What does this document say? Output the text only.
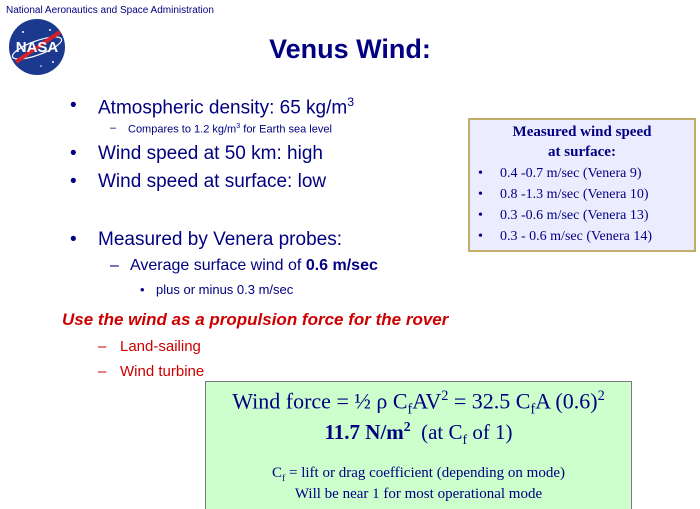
National Aeronautics and Space Administration
NASA	Venus Wind:
• Atmospheric density: 65 $kg/m^3$
– Compares to 1.2 $kg/m^3$ for Earth sea level
• Wind speed at 50 km: high
• Wind speed at surface: low
• Measured by Venera probes:
– Average surface wind of 0.6 m/sec
• plus or minus 0.3 m/sec
Use the wind as a propulsion force for the rover
– Land-sailing
– Wind turbine
Measured wind speed
at surface:
• 0.4 -0.7 m/sec (Venera 9)
• 0.8 -1.3 m/sec (Venera 10)
• 0.3 -0.6 m/sec (Venera 13)
• 0.3 - 0.6 m/sec (Venera 14)
Wind force = ½ ρ $C_fAV^2 = 32.5$ $C_fA$ $(0.6)^2$
11.7 $N/m^2$  (at $C_f$ of 1)
$C_f$ = lift or drag coefficient (depending on mode)
Will be near 1 for most operational mode
